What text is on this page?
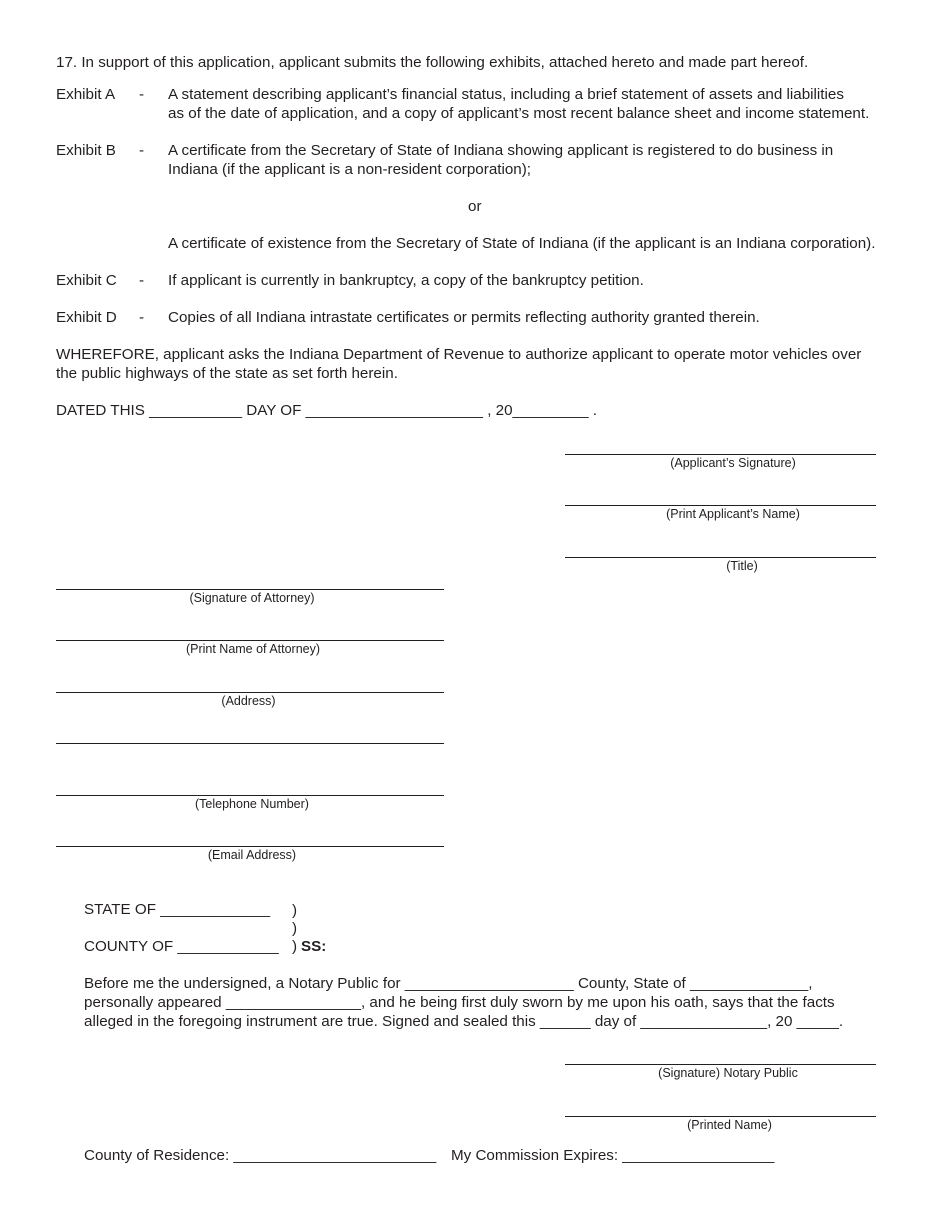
17. In support of this application, applicant submits the following exhibits, attached hereto and made part hereof.
Exhibit A - A statement describing applicant’s financial status, including a brief statement of assets and liabilities
as of the date of application, and a copy of applicant’s most recent balance sheet and income statement.
Exhibit B - A certificate from the Secretary of State of Indiana showing applicant is registered to do business in
Indiana (if the applicant is a non-resident corporation);
or
A certificate of existence from the Secretary of State of Indiana (if the applicant is an Indiana corporation).
Exhibit C - If applicant is currently in bankruptcy, a copy of the bankruptcy petition.
Exhibit D - Copies of all Indiana intrastate certificates or permits reflecting authority granted therein.
WHEREFORE, applicant asks the Indiana Department of Revenue to authorize applicant to operate motor vehicles over
the public highways of the state as set forth herein.
DATED THIS ___________ DAY OF _____________________ , 20_________ .
(Applicant’s Signature)
(Print Applicant’s Name)
(Title)
(Signature of Attorney)
(Print Name of Attorney)
(Address)
(Telephone Number)
(Email Address)
STATE OF _____________ )
)
COUNTY OF ____________ ) SS:
Before me the undersigned, a Notary Public for ____________________ County, State of ______________,
personally appeared ________________, and he being first duly sworn by me upon his oath, says that the facts
alleged in the foregoing instrument are true. Signed and sealed this ______ day of _______________, 20 _____.
(Signature) Notary Public
(Printed Name)
County of Residence: ________________________ My Commission Expires: __________________
